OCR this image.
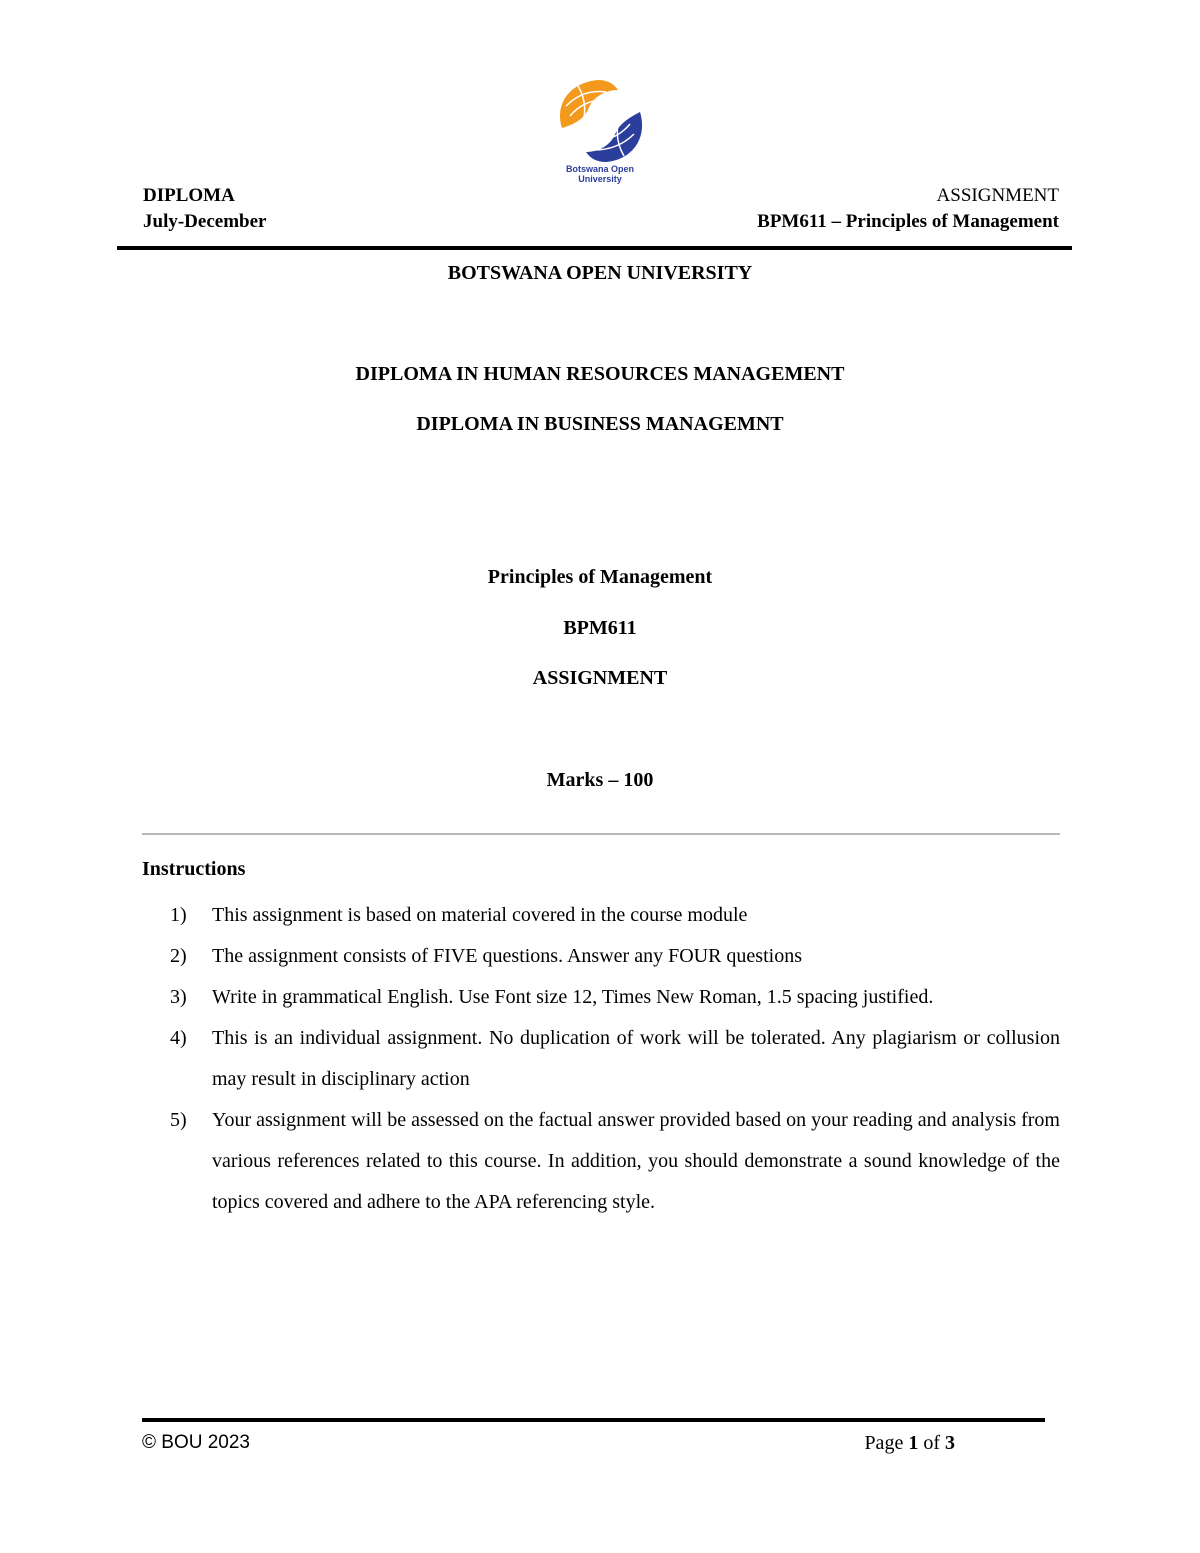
Botswana Open
University
DIPLOMA
July-December
ASSIGNMENT
BPM611 – Principles of Management
BOTSWANA OPEN UNIVERSITY
DIPLOMA IN HUMAN RESOURCES MANAGEMENT
DIPLOMA IN BUSINESS MANAGEMNT
Principles of Management
BPM611
ASSIGNMENT
Marks – 100
Instructions
1) This assignment is based on material covered in the course module
2) The assignment consists of FIVE questions. Answer any FOUR questions
3) Write in grammatical English. Use Font size 12, Times New Roman, 1.5 spacing justified.
4) This is an individual assignment. No duplication of work will be tolerated. Any plagiarism or collusion may result in disciplinary action
5) Your assignment will be assessed on the factual answer provided based on your reading and analysis from various references related to this course. In addition, you should demonstrate a sound knowledge of the topics covered and adhere to the APA referencing style.
© BOU 2023	Page 1 of 3
